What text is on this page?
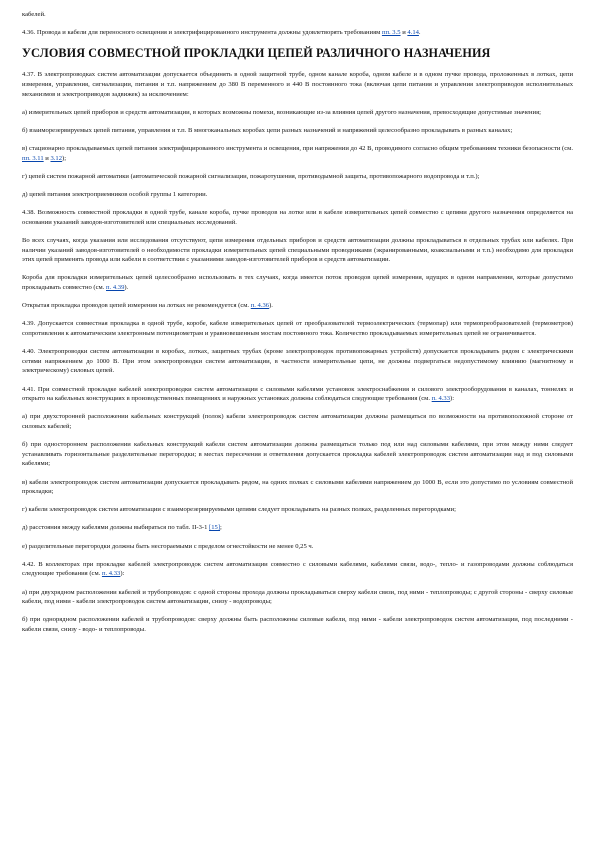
кабелей.

4.36. Провода и кабели для переносного освещения и электрифицированного инструмента должны удовлетворять требованиям пп. 3.5 и 4.14.

УСЛОВИЯ СОВМЕСТНОЙ ПРОКЛАДКИ ЦЕПЕЙ РАЗЛИЧНОГО НАЗНАЧЕНИЯ

4.37. В электропроводках систем автоматизации допускается объединять в одной защитной трубе, одном каналe короба, одном кабеле и в одном пучке провода, проложенных в лотках, цепи измерения, управления, сигнализации, питания и т.п. напряжением до 380 В переменного и 440 В постоянного тока (включая цепи питания и управления электроприводов исполнительных механизмов и электроприводов задвижек) за исключением:

а) измерительных цепей приборов и средств автоматизации, в которых возможны помехи, возникающие из-за влияния цепей другого назначения, превосходящие допустимые значения;

б) взаиморезервируемых цепей питания, управления и т.п. В многоканальных коробах цепи разных назначений и напряжений целесообразно прокладывать в разных каналах;

в) стационарно прокладываемых цепей питания электрифицированного инструмента и освещения, при напряжении до 42 В, проводимого согласно общим требованиям техники безопасности (см. пп. 3.11 и 3.12);

г) цепей систем пожарной автоматики (автоматической пожарной сигнализации, пожаротушения, противодымной защиты, противопожарного водопровода и т.п.);

д) цепей питания электроприемников особой группы 1 категории.

4.38. Возможность совместной прокладки в одной трубе, канале короба, пучке проводов на лотке или в кабеле измерительных цепей совместно с цепями другого назначения определяется на основании указаний заводов-изготовителей или специальных исследований.

Во всех случаях, когда указания или исследования отсутствуют, цепи измерения отдельных приборов и средств автоматизации должны прокладываться в отдельных трубах или кабелях. При наличии указаний заводов-изготовителей о необходимости прокладки измерительных цепей специальными проводниками (экранированными, коаксиальными и т.п.) необходимо для прокладки этих цепей применять провода или кабели в соответствии с указаниями заводов-изготовителей приборов и средств автоматизации.

Короба для прокладки измерительных цепей целесообразно использовать в тех случаях, когда имеется поток проводов цепей измерения, идущих в одном направлении, которые допустимо прокладывать совместно (см. п. 4.39).

Открытая прокладка проводов цепей измерения на лотках не рекомендуется (см. п. 4.36).

4.39. Допускается совместная прокладка в одной трубе, коробе, кабеле измерительных цепей от преобразователей термоэлектрических (термопар) или термопреобразователей (термометров) сопротивления к автоматическим электронным потенциометрам и уравновешенным мостам постоянного тока. Количество прокладываемых измерительных цепей не ограничивается.

4.40. Электропроводки систем автоматизации в коробах, лотках, защитных трубах (кроме электропроводок противопожарных устройств) допускается прокладывать рядом с электрическими сетями напряжением до 1000 В. При этом электропроводки систем автоматизации, в частности измерительные цепи, не должны подвергаться недопустимому влиянию (магнитному и электрическому) силовых цепей.

4.41. При совместной прокладке кабелей электропроводки систем автоматизации с силовыми кабелями установок электроснабжения и силового электрооборудования в каналах, тоннелях и открыто на кабельных конструкциях в производственных помещениях и наружных установках должны соблюдаться следующие требования (см. п. 4.33):

а) при двухсторонней расположении кабельных конструкций (полок) кабели электропроводок систем автоматизации должны размещаться по возможности на противоположной стороне от силовых кабелей;

б) при одностороннем расположении кабельных конструкций кабели систем автоматизации должны размещаться только под или над силовыми кабелями, при этом между ними следует устанавливать горизонтальные разделительные перегородки; в местах пересечения и ответвления допускается прокладка кабелей электропроводок систем автоматизации над и под силовыми кабелями;

в) кабели электропроводок систем автоматизации допускается прокладывать рядом, на одних полках с силовыми кабелями напряжением до 1000 В, если это допустимо по условиям совместной прокладки;

г) кабели электропроводок систем автоматизации с взаиморезервируемыми цепями следует прокладывать на разных полках, разделенных перегородками;

д) расстояния между кабелями должны выбираться по табл. II-3-1 [15];

е) разделительные перегородки должны быть несгораемыми с пределом огнестойкости не менее 0,25 ч.

4.42. В коллекторах при прокладке кабелей электропроводок систем автоматизации совместно с силовыми кабелями, кабелями связи, водо-, тепло- и газопроводами должны соблюдаться следующие требования (см. п. 4.33):

а) при двухрядном расположении кабелей и трубопроводов: с одной стороны прохода должны прокладываться сверху кабели связи, под ними - теплопроводы; с другой стороны - сверху силовые кабели, под ними - кабели электропроводок систем автоматизации, снизу - водопроводы;

б) при однорядном расположении кабелей и трубопроводов: сверху должны быть расположены силовые кабели, под ними - кабели электропроводок систем автоматизации, под последними - кабели связи, снизу - водо- и теплопроводы.
